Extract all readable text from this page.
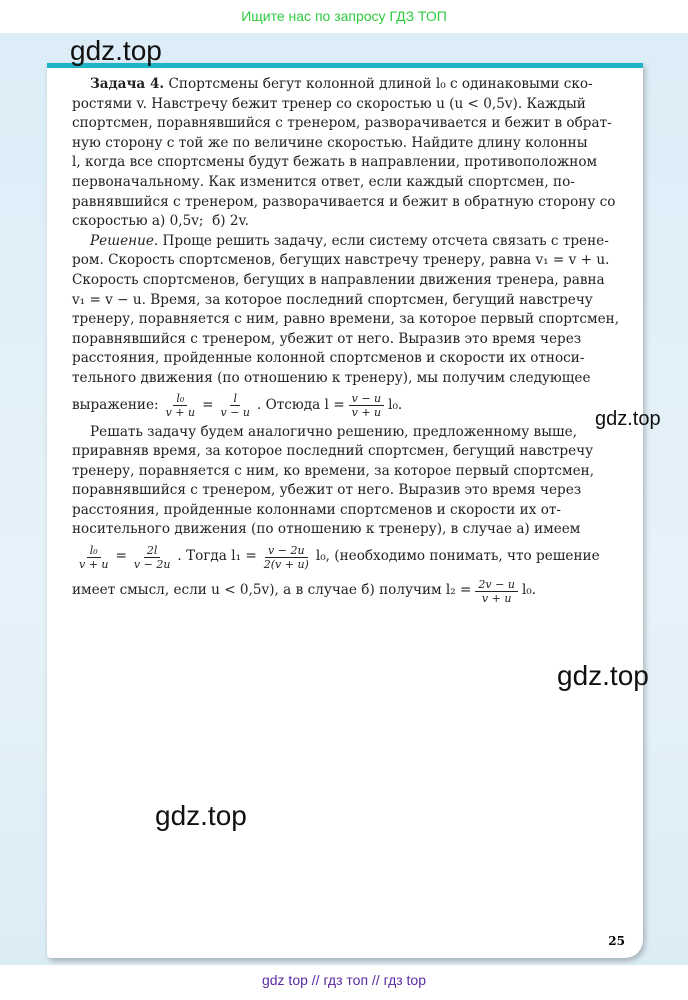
Ищите нас по запросу ГДЗ ТОП
Задача 4. Спортсмены бегут колонной длиной l₀ с одинаковыми ско-
ростями v. Навстречу бежит тренер со скоростью u (u < 0,5v). Каждый
спортсмен, поравнявшийся с тренером, разворачивается и бежит в обрат-
ную сторону с той же по величине скоростью. Найдите длину колонны
l, когда все спортсмены будут бежать в направлении, противоположном
первоначальному. Как изменится ответ, если каждый спортсмен, по-
равнявшийся с тренером, разворачивается и бежит в обратную сторону со
скоростью а) 0,5v;  б) 2v.
Решение. Проще решить задачу, если систему отсчета связать с трене-
ром. Скорость спортсменов, бегущих навстречу тренеру, равна v₁ = v + u.
Скорость спортсменов, бегущих в направлении движения тренера, равна
v₁ = v − u. Время, за которое последний спортсмен, бегущий навстречу
тренеру, поравняется с ним, равно времени, за которое первый спортсмен,
поравнявшийся с тренером, убежит от него. Выразив это время через
расстояния, пройденные колонной спортсменов и скорости их относи-
тельного движения (по отношению к тренеру), мы получим следующее
выражение: $\frac{\text{l₀}}{v + u} = \frac{l}{v - u}$ . Отсюда $l = \frac{v - u}{v + u} l_0$.
Решать задачу будем аналогично решению, предложенному выше,
приравняв время, за которое последний спортсмен, бегущий навстречу
тренеру, поравняется с ним, ко времени, за которое первый спортсмен,
поравнявшийся с тренером, убежит от него. Выразив это время через
расстояния, пройденные колоннами спортсменов и скорости их от-
носительного движения (по отношению к тренеру), в случае а) имеем
$\frac{\text{l₀}}{v + u} = \frac{2l}{v - 2u}$ . Тогда $l_1 = \frac{v - 2u}{2(v + u)} l_0$, (необходимо понимать, что решение
имеет смысл, если u < 0,5v), а в случае б) получим $l_2 = \frac{2v - u}{v + u} l_0$.
25
gdz.top
gdz.top
gdz.top
gdz.top
gdz top // гдз топ // гдз top
